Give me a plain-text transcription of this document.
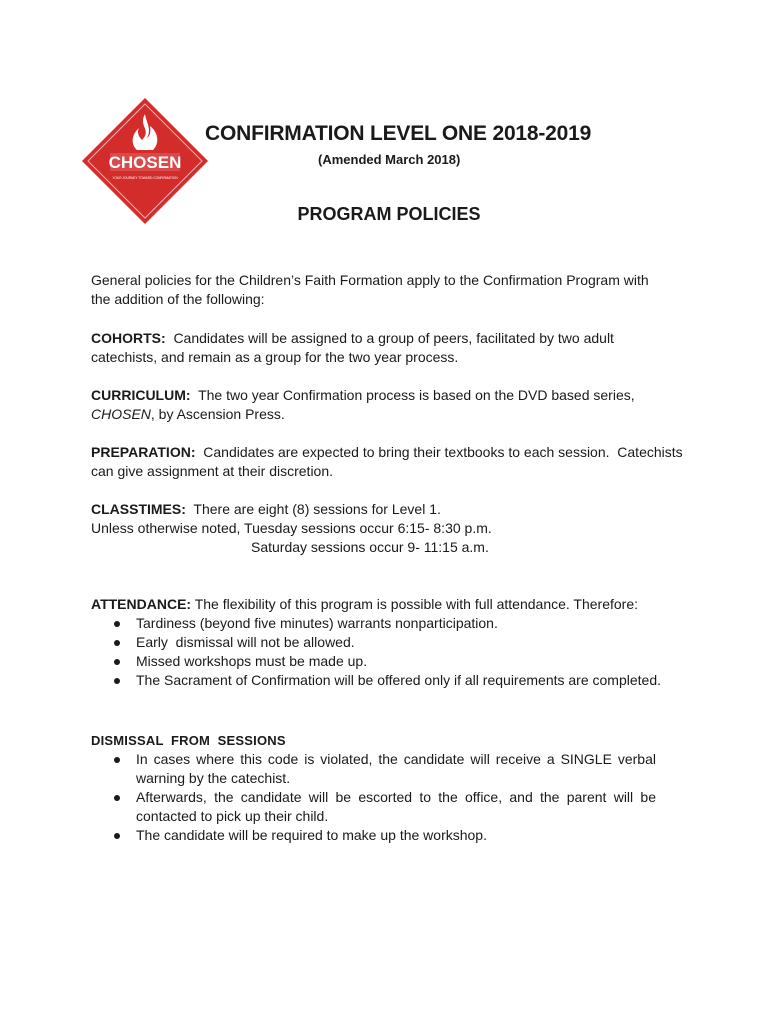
CHOSEN
YOUR JOURNEY TOWARD CONFIRMATION
CONFIRMATION LEVEL ONE 2018-2019
(Amended March 2018)
PROGRAM POLICIES
General policies for the Children’s Faith Formation apply to the Confirmation Program with
the addition of the following:
COHORTS:  Candidates will be assigned to a group of peers, facilitated by two adult
catechists, and remain as a group for the two year process.
CURRICULUM:  The two year Confirmation process is based on the DVD based series,
CHOSEN, by Ascension Press.
PREPARATION:  Candidates are expected to bring their textbooks to each session.  Catechists
can give assignment at their discretion.
CLASSTIMES:  There are eight (8) sessions for Level 1.
Unless otherwise noted, Tuesday sessions occur 6:15- 8:30 p.m.
Saturday sessions occur 9- 11:15 a.m.
ATTENDANCE: The flexibility of this program is possible with full attendance. Therefore:
Tardiness (beyond five minutes) warrants nonparticipation.
Early  dismissal will not be allowed.
Missed workshops must be made up.
The Sacrament of Confirmation will be offered only if all requirements are completed.
DISMISSAL  FROM  SESSIONS
In cases where this code is violated, the candidate will receive a SINGLE verbal warning by the catechist.
Afterwards, the candidate will be escorted to the office, and the parent will be contacted to pick up their child.
The candidate will be required to make up the workshop.
